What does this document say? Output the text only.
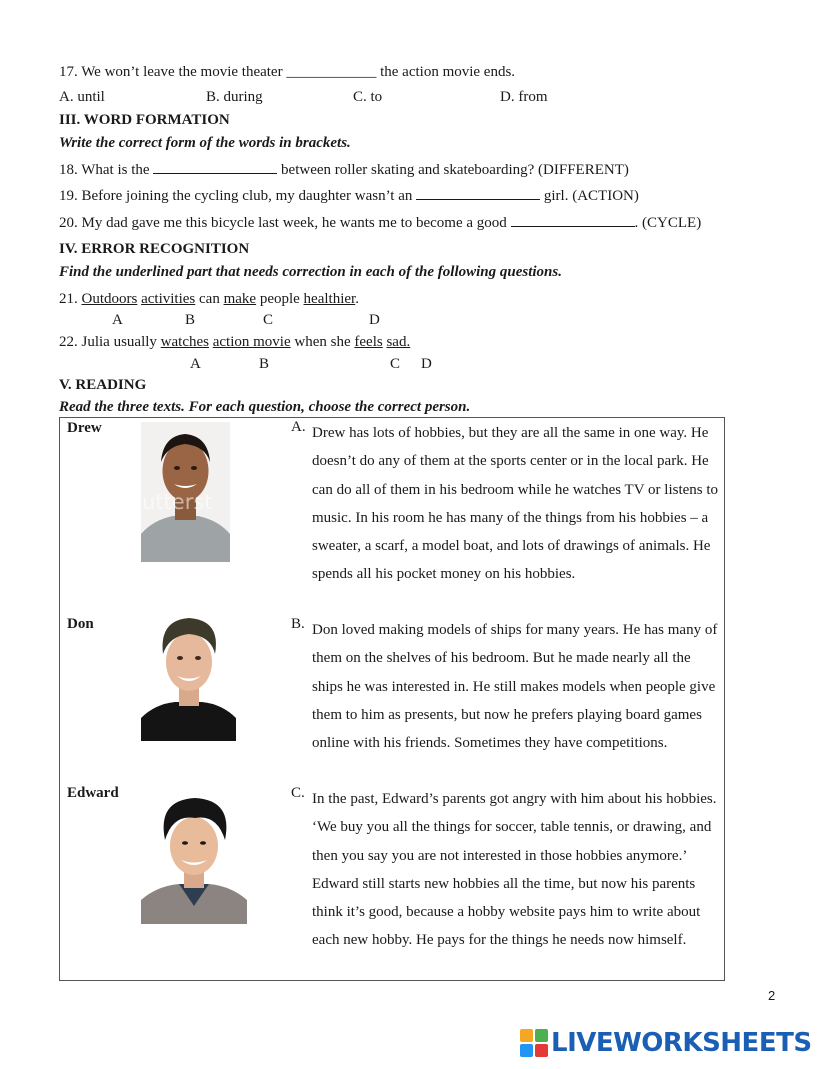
17. We won’t leave the movie theater ____________ the action movie ends.
A. until	B. during	C. to	D. from
III. WORD FORMATION
Write the correct form of the words in brackets.
18. What is the	between roller skating and skateboarding? (DIFFERENT)
19. Before joining the cycling club, my daughter wasn’t an	girl. (ACTION)
20. My dad gave me this bicycle last week, he wants me to become a good	. (CYCLE)
IV. ERROR RECOGNITION
Find the underlined part that needs correction in each of the following questions.
21. Outdoors activities can make people healthier.
A	B	C	D
22. Julia usually watches action movie when she feels sad.
A	B	C D
V. READING
Read the three texts. For each question, choose the correct person.
Drew
utterst
A. Drew has lots of hobbies, but they are all the same in one way. He doesn’t do any of them at the sports center or in the local park. He can do all of them in his bedroom while he watches TV or listens to music. In his room he has many of the things from his hobbies – a sweater, a scarf, a model boat, and lots of drawings of animals. He spends all his pocket money on his hobbies.
Don	B. Don loved making models of ships for many years. He has many of them on the shelves of his bedroom. But he made nearly all the ships he was interested in. He still makes models when people give them to him as presents, but now he prefers playing board games online with his friends. Sometimes they have competitions.
Edward	C. In the past, Edward’s parents got angry with him about his hobbies. ‘We buy you all the things for soccer, table tennis, or drawing, and then you say you are not interested in those hobbies anymore.’ Edward still starts new hobbies all the time, but now his parents think it’s good, because a hobby website pays him to write about each new hobby. He pays for the things he needs now himself.
2
LIVEWORKSHEETS
